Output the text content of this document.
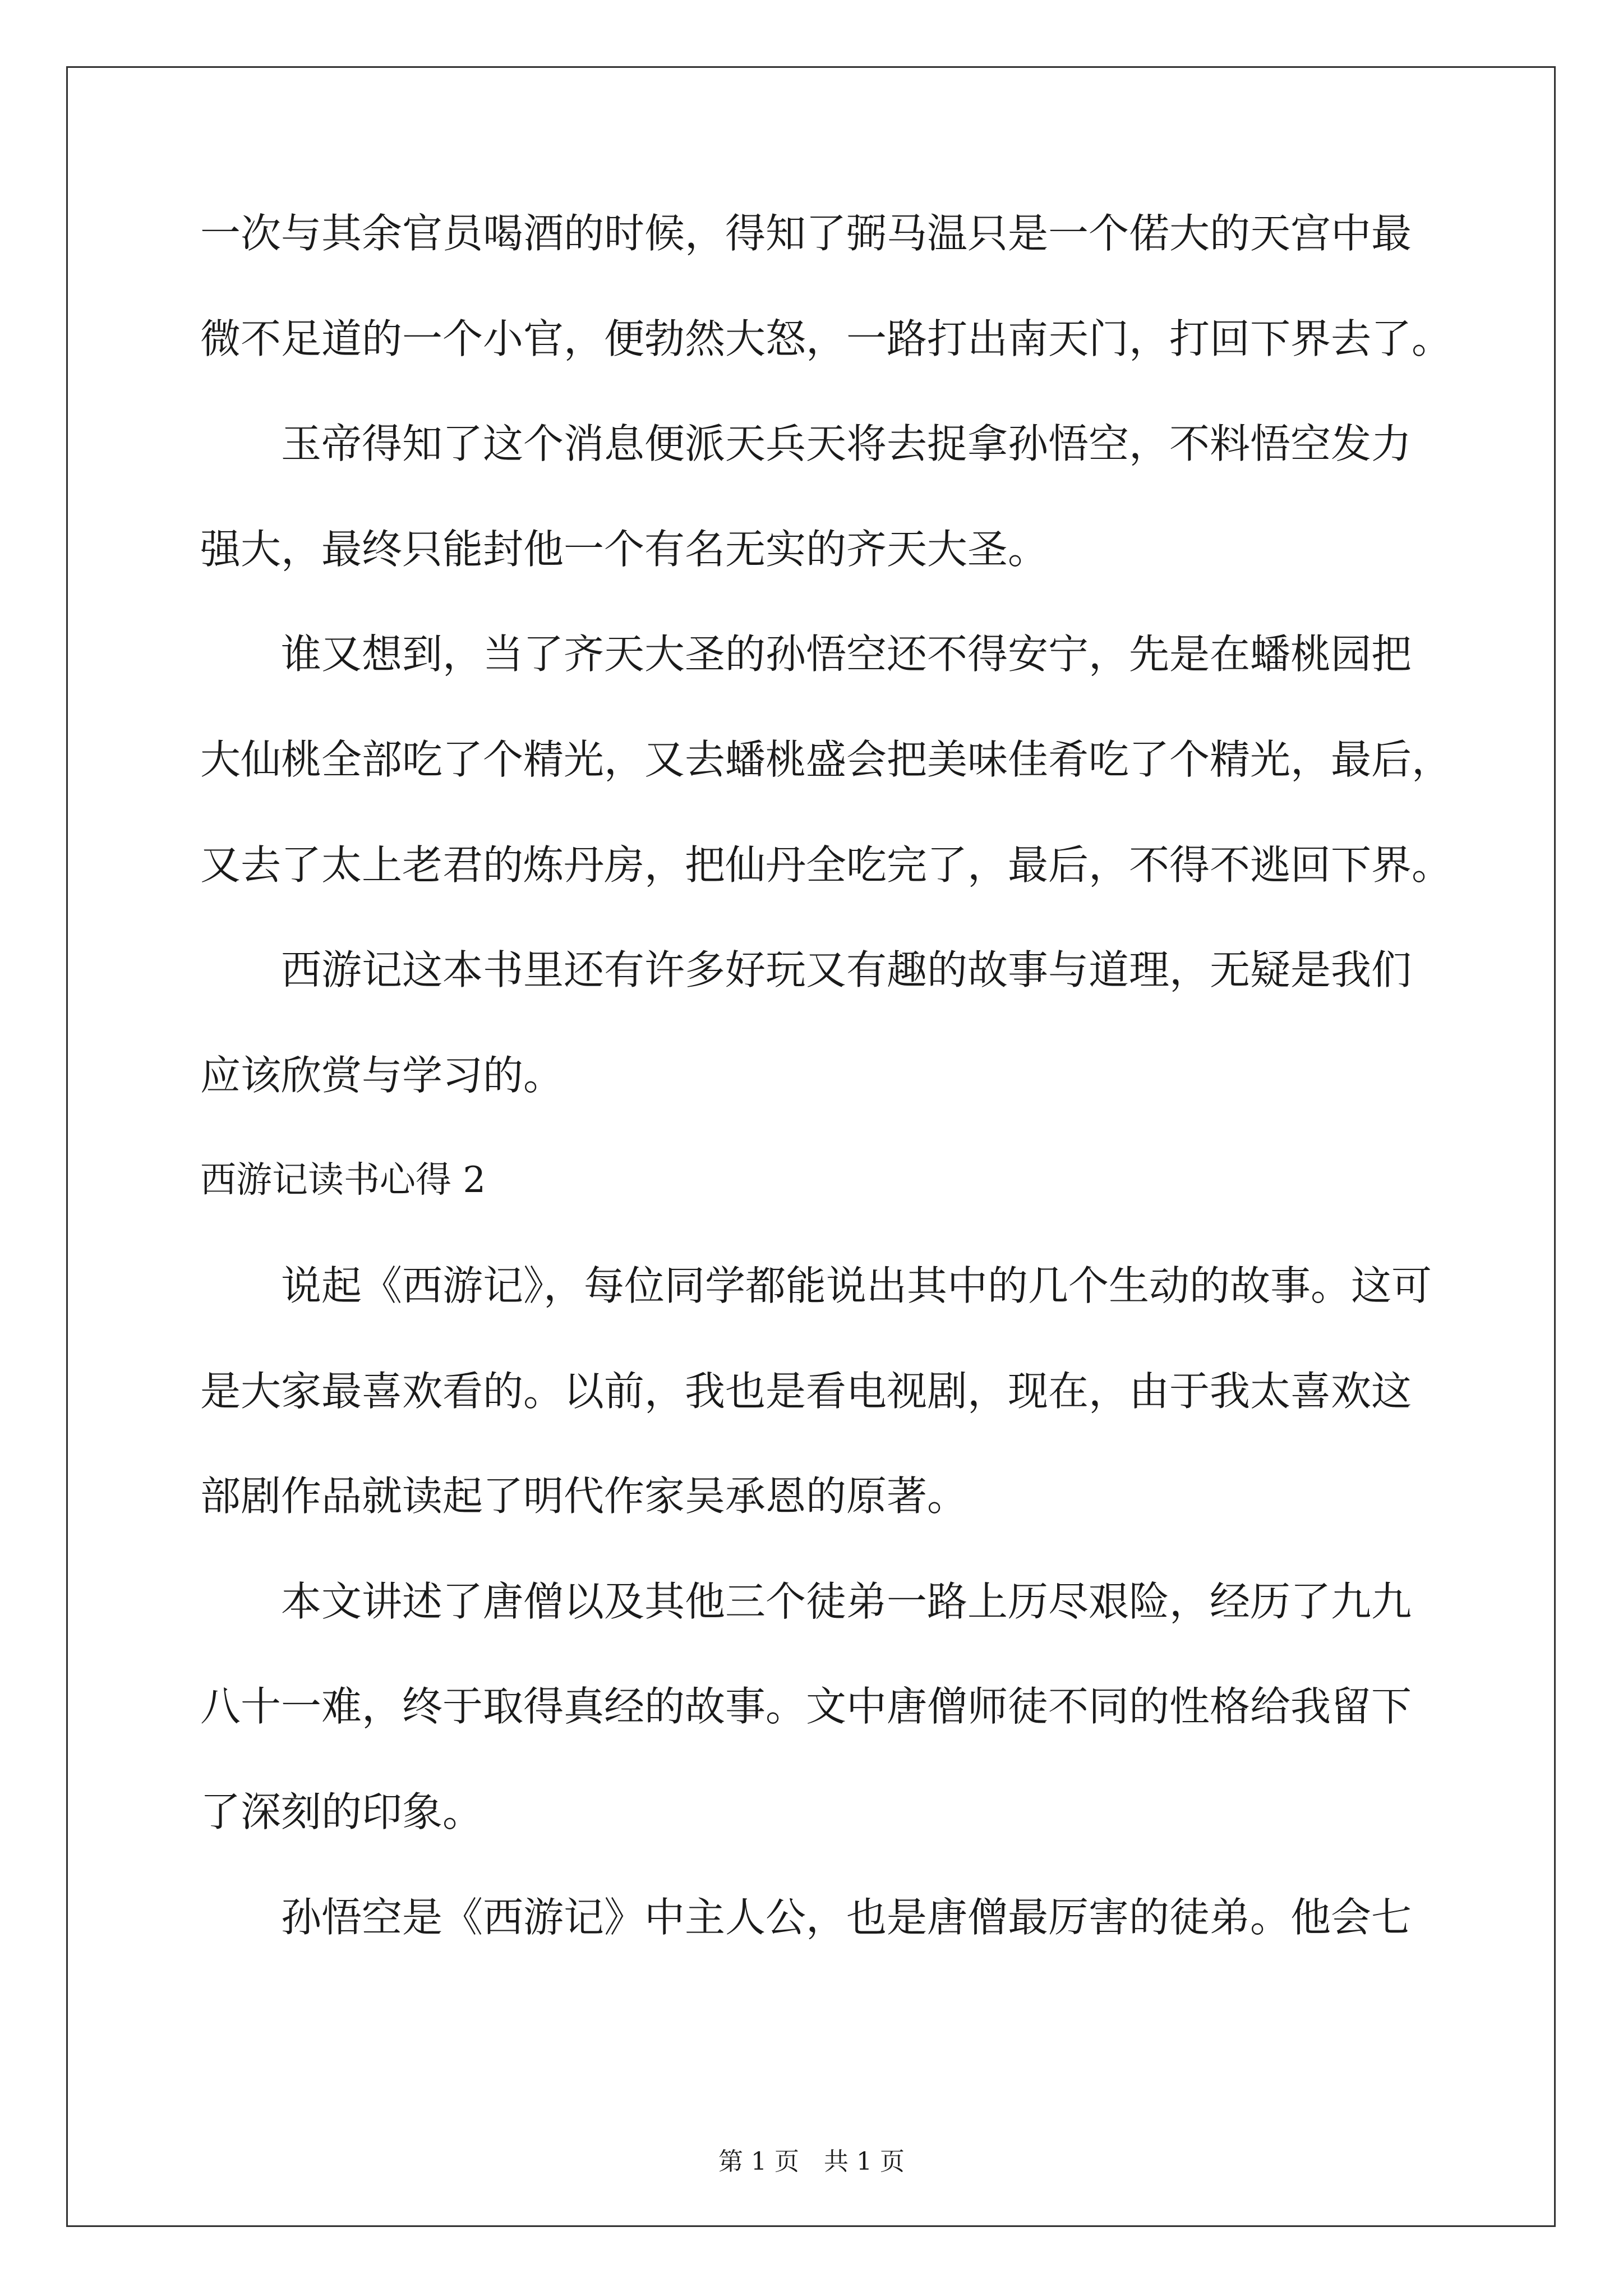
一次与其余官员喝酒的时候，得知了弼马温只是一个偌大的天宫中最
微不足道的一个小官，便勃然大怒，一路打出南天门，打回下界去了。
玉帝得知了这个消息便派天兵天将去捉拿孙悟空，不料悟空发力
强大，最终只能封他一个有名无实的齐天大圣。
谁又想到，当了齐天大圣的孙悟空还不得安宁，先是在蟠桃园把
大仙桃全部吃了个精光，又去蟠桃盛会把美味佳肴吃了个精光，最后，
又去了太上老君的炼丹房，把仙丹全吃完了，最后，不得不逃回下界。
西游记这本书里还有许多好玩又有趣的故事与道理，无疑是我们
应该欣赏与学习的。
西游记读书心得 2
说起《西游记》，每位同学都能说出其中的几个生动的故事。这可
是大家最喜欢看的。以前，我也是看电视剧，现在，由于我太喜欢这
部剧作品就读起了明代作家吴承恩的原著。
本文讲述了唐僧以及其他三个徒弟一路上历尽艰险，经历了九九
八十一难，终于取得真经的故事。文中唐僧师徒不同的性格给我留下
了深刻的印象。
孙悟空是《西游记》中主人公，也是唐僧最厉害的徒弟。他会七
第 1 页　共 1 页
